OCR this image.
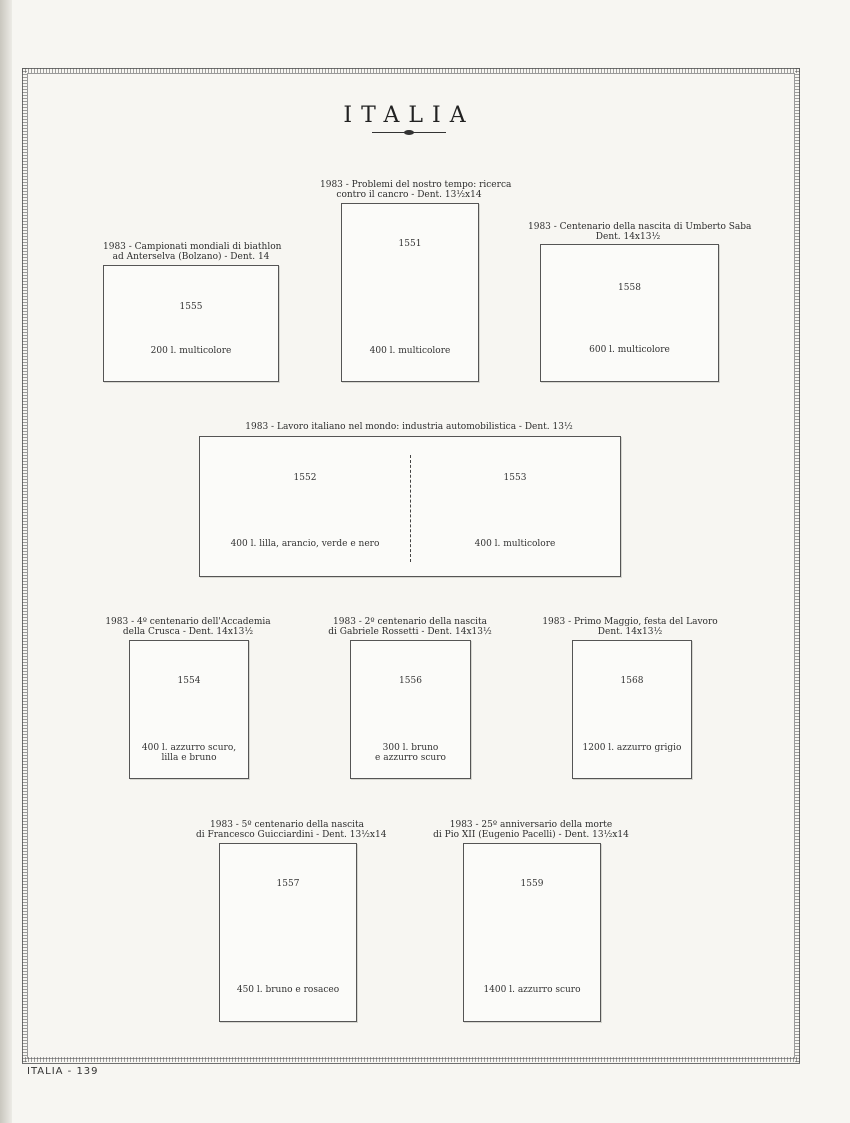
ITALIA
1983 - Campionati mondiali di biathlon
ad Anterselva (Bolzano) - Dent. 14
1555
200 l. multicolore
1983 - Problemi del nostro tempo: ricerca
contro il cancro - Dent. 13½x14
1551
400 l. multicolore
1983 - Centenario della nascita di Umberto Saba
Dent. 14x13½
1558
600 l. multicolore
1983 - Lavoro italiano nel mondo: industria automobilistica - Dent. 13½
1552
400 l. lilla, arancio, verde e nero
1553
400 l. multicolore
1983 - 4º centenario dell'Accademia
della Crusca - Dent. 14x13½
1554
400 l. azzurro scuro,
lilla e bruno
1983 - 2º centenario della nascita
di Gabriele Rossetti - Dent. 14x13½
1556
300 l. bruno
e azzurro scuro
1983 - Primo Maggio, festa del Lavoro
Dent. 14x13½
1568
1200 l. azzurro grigio
1983 - 5º centenario della nascita
di Francesco Guicciardini - Dent. 13½x14
1557
450 l. bruno e rosaceo
1983 - 25º anniversario della morte
di Pio XII (Eugenio Pacelli) - Dent. 13½x14
1559
1400 l. azzurro scuro
ITALIA - 139
